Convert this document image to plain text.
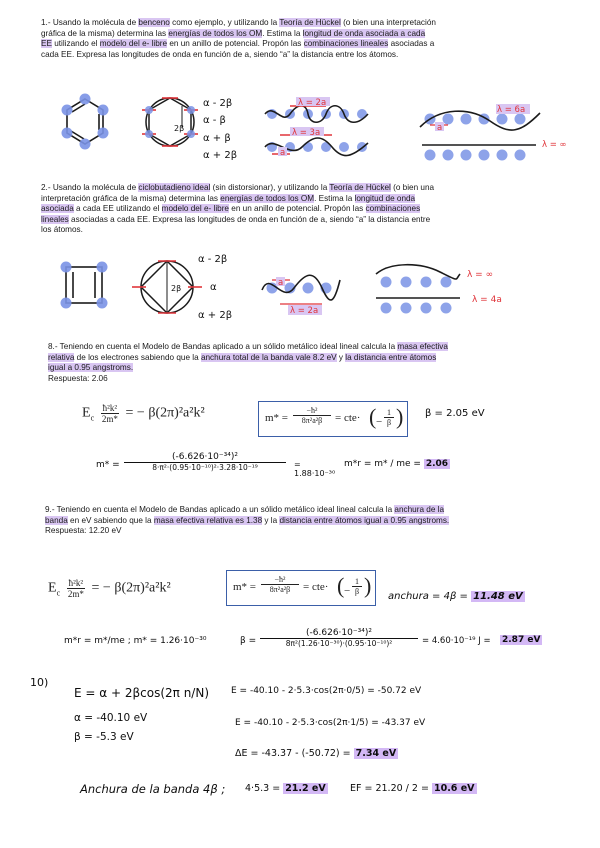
1.- Usando la molécula de benceno como ejemplo, y utilizando la Teoría de Hückel (o bien una interpretación gráfica de la misma) determina las energías de todos los OM. Estima la longitud de onda asociada a cada EE utilizando el modelo del e- libre en un anillo de potencial. Propón las combinaciones lineales asociadas a cada EE. Expresa las longitudes de onda en función de a, siendo “a” la distancia entre los átomos.
2β
α - 2β
α - β
α + β
α + 2β
λ = 2a
λ = 3a
a
a
λ = 6a
λ = ∞
2.- Usando la molécula de ciclobutadieno ideal (sin distorsionar), y utilizando la Teoría de Hückel (o bien una interpretación gráfica de la misma) determina las energías de todos los OM. Estima la longitud de onda asociada a cada EE utilizando el modelo del e- libre en un anillo de potencial. Propón las combinaciones lineales asociadas a cada EE. Expresa las longitudes de onda en función de a, siendo “a” la distancia entre los átomos.
2β
α - 2β
α
α + 2β
a
λ = 2a
λ = ∞
λ = 4a
8.- Teniendo en cuenta el Modelo de Bandas aplicado a un sólido metálico ideal lineal calcula la masa efectiva relativa de los electrones sabiendo que la anchura total de la banda vale 8.2 eV y la distancia entre átomos igual a 0.95 angstroms.
Respuesta: 2.06
$E_c \frac{\text{ħ²k²}}{2m*}$ = − β(2π)²a²k²	m* =
−ħ²
8π²a²β	= cte· ( −
1
β ) β = 2.05 eV
m* =
(-6.626·10⁻³⁴)²
8·π²·(0.95·10⁻¹⁰)²·3.28·10⁻¹⁹	= 1.88·10⁻³⁰
m*r = m* / me = 2.06
9.- Teniendo en cuenta el Modelo de Bandas aplicado a un sólido metálico ideal lineal calcula la anchura de la banda en eV sabiendo que la masa efectiva relativa es 1.38 y la distancia entre átomos igual a 0.95 angstroms.
Respuesta: 12.20 eV
$E_c \frac{\text{ħ²k²}}{2m*}$ = − β(2π)²a²k²	m* =
−ħ²
8π²a²β	= cte· ( −
1
β ) anchura = 4β = 11.48 eV
m*r = m*/me ; m* = 1.26·10⁻³⁰	β =
(-6.626·10⁻³⁴)²
8π²(1.26·10⁻³⁰)·(0.95·10⁻¹⁰)²	= 4.60·10⁻¹⁹ J = 2.87 eV
10)
E = α + 2βcos(2π n/N)
α = -40.10 eV
β = -5.3 eV
E = -40.10 - 2·5.3·cos(2π·0/5) = -50.72 eV
E = -40.10 - 2·5.3·cos(2π·1/5) = -43.37 eV
ΔE = -43.37 - (-50.72) = 7.34 eV
Anchura de la banda 4β ; 4·5.3 = 21.2 eV	EF = 21.20 / 2 = 10.6 eV
